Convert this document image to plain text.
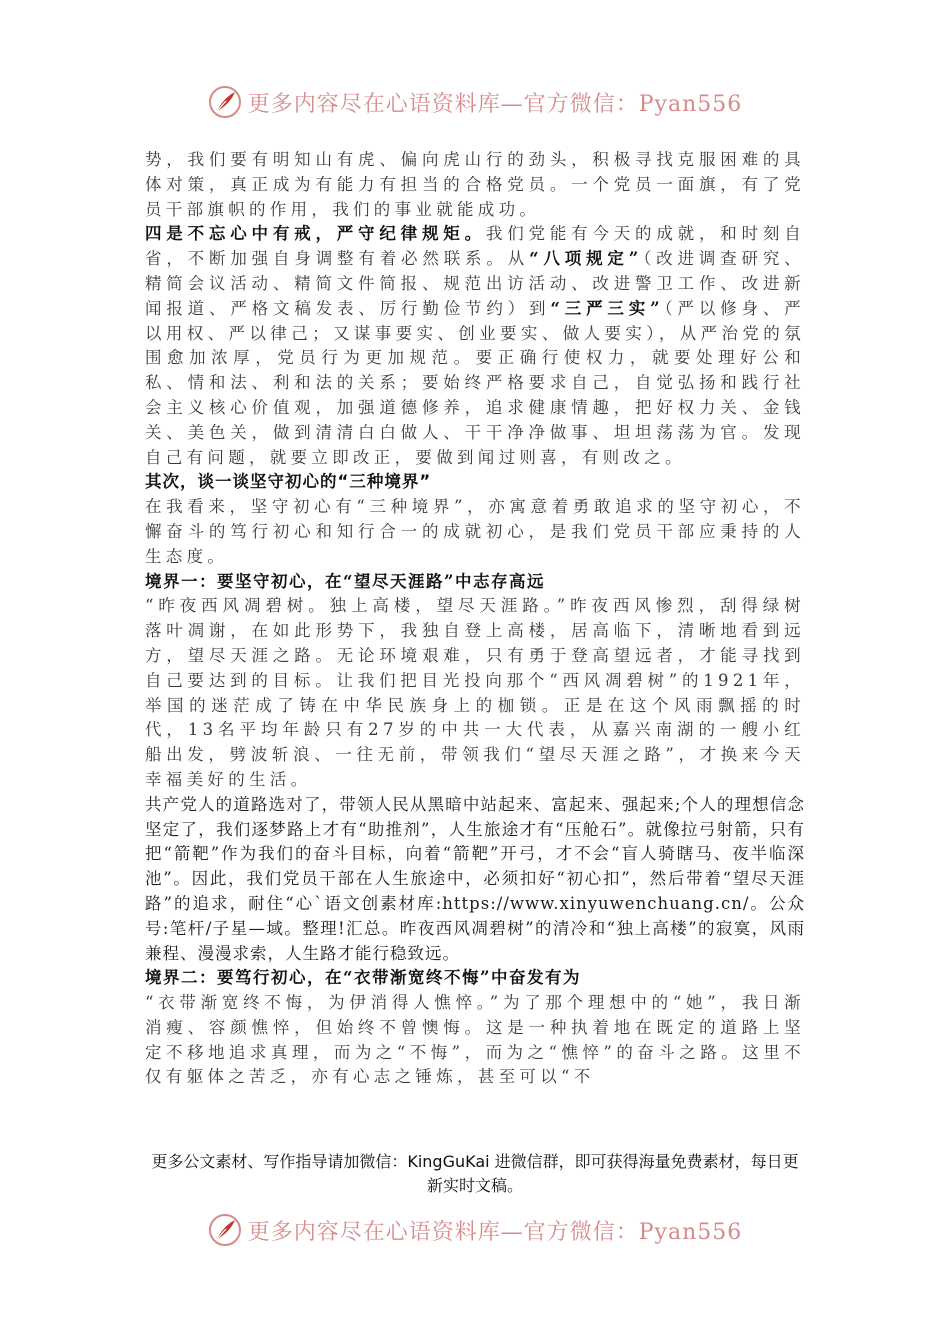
更多内容尽在心语资料库—官方微信：Pyan556

势，我们要有明知山有虎、偏向虎山行的劲头，积极寻找克服困难的具体对策，真正成为有能力有担当的合格党员。一个党员一面旗，有了党员干部旗帜的作用，我们的事业就能成功。

四是不忘心中有戒，严守纪律规矩。我们党能有今天的成就，和时刻自省，不断加强自身调整有着必然联系。从“八项规定”（改进调查研究、精简会议活动、精简文件简报、规范出访活动、改进警卫工作、改进新闻报道、严格文稿发表、厉行勤俭节约）到“三严三实”（严以修身、严以用权、严以律己；又谋事要实、创业要实、做人要实），从严治党的氛围愈加浓厚，党员行为更加规范。要正确行使权力，就要处理好公和私、情和法、利和法的关系；要始终严格要求自己，自觉弘扬和践行社会主义核心价值观，加强道德修养，追求健康情趣，把好权力关、金钱关、美色关，做到清清白白做人、干干净净做事、坦坦荡荡为官。发现自己有问题，就要立即改正，要做到闻过则喜，有则改之。

其次，谈一谈坚守初心的“三种境界”

在我看来，坚守初心有“三种境界”，亦寓意着勇敢追求的坚守初心，不懈奋斗的笃行初心和知行合一的成就初心，是我们党员干部应秉持的人生态度。

境界一：要坚守初心，在“望尽天涯路”中志存高远

“昨夜西风凋碧树。独上高楼，望尽天涯路。”昨夜西风惨烈，刮得绿树落叶凋谢，在如此形势下，我独自登上高楼，居高临下，清晰地看到远方，望尽天涯之路。无论环境艰难，只有勇于登高望远者，才能寻找到自己要达到的目标。让我们把目光投向那个“西风凋碧树”的1921年，举国的迷茫成了铸在中华民族身上的枷锁。正是在这个风雨飘摇的时代，13名平均年龄只有27岁的中共一大代表，从嘉兴南湖的一艘小红船出发，劈波斩浪、一往无前，带领我们“望尽天涯之路”，才换来今天幸福美好的生活。

共产党人的道路选对了，带领人民从黑暗中站起来、富起来、强起来;个人的理想信念坚定了，我们逐梦路上才有“助推剂”，人生旅途才有“压舱石”。就像拉弓射箭，只有把“箭靶”作为我们的奋斗目标，向着“箭靶”开弓，才不会“盲人骑瞎马、夜半临深池”。因此，我们党员干部在人生旅途中，必须扣好“初心扣”，然后带着“望尽天涯路”的追求，耐住“心`语文创素材库:https://www.xinyuwenchuang.cn/。公众号:笔杆/子星—域。整理!汇总。昨夜西风凋碧树”的清冷和“独上高楼”的寂寞，风雨兼程、漫漫求索，人生路才能行稳致远。

境界二：要笃行初心，在“衣带渐宽终不悔”中奋发有为

“衣带渐宽终不悔，为伊消得人憔悴。”为了那个理想中的“她”，我日渐消瘦、容颜憔悴，但始终不曾懊悔。这是一种执着地在既定的道路上坚定不移地追求真理，而为之“不悔”，而为之“憔悴”的奋斗之路。这里不仅有躯体之苦乏，亦有心志之锤炼，甚至可以“不

更多公文素材、写作指导请加微信：KingGuKai 进微信群，即可获得海量免费素材，每日更新实时文稿。
更多内容尽在心语资料库—官方微信：Pyan556
